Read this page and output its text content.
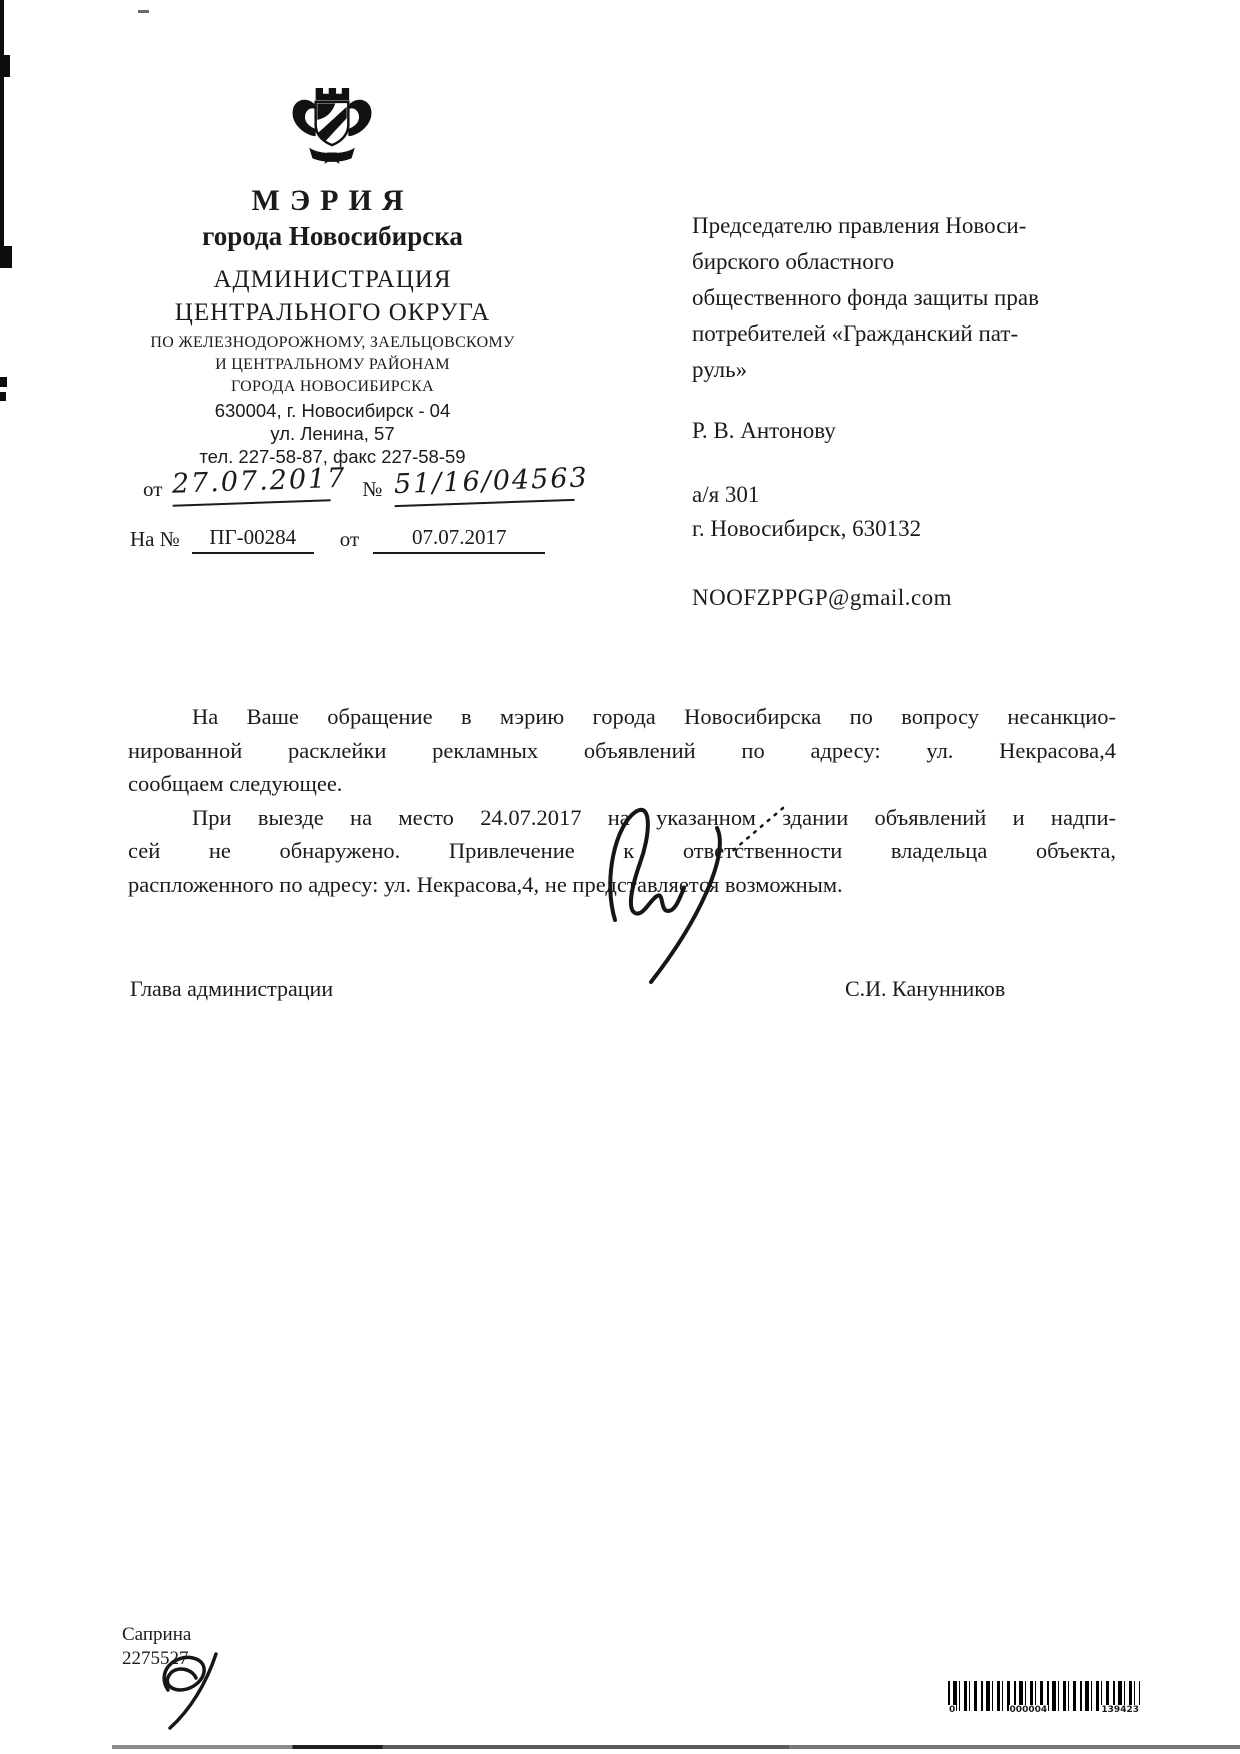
МЭРИЯ
города Новосибирска
АДМИНИСТРАЦИЯ
ЦЕНТРАЛЬНОГО ОКРУГА
ПО ЖЕЛЕЗНОДОРОЖНОМУ, ЗАЕЛЬЦОВСКОМУ
И ЦЕНТРАЛЬНОМУ РАЙОНАМ
ГОРОДА НОВОСИБИРСКА
630004, г. Новосибирск - 04
ул. Ленина, 57
тел. 227-58-87, факс 227-58-59
от 27.07.2017 № 51/16/04563
На №	ПГ-00284	от	07.07.2017
Председателю правления Новоси-
бирского областного
общественного фонда защиты прав
потребителей «Гражданский пат-
руль»
Р. В. Антонову
а/я 301
г. Новосибирск, 630132
NOOFZPPGP@gmail.com
На Ваше обращение в мэрию города Новосибирска по вопросу несанкцио-
нированной расклейки рекламных объявлений по адресу: ул. Некрасова,4
сообщаем следующее.
При выезде на место 24.07.2017 на указанном здании объявлений и надпи-
сей не обнаружено. Привлечение к ответственности владельца объекта,
распложенного по адресу: ул. Некрасова,4, не представляется возможным.
Глава администрации	С.И. Канунников
Саприна
2275527
0	000004	139423
